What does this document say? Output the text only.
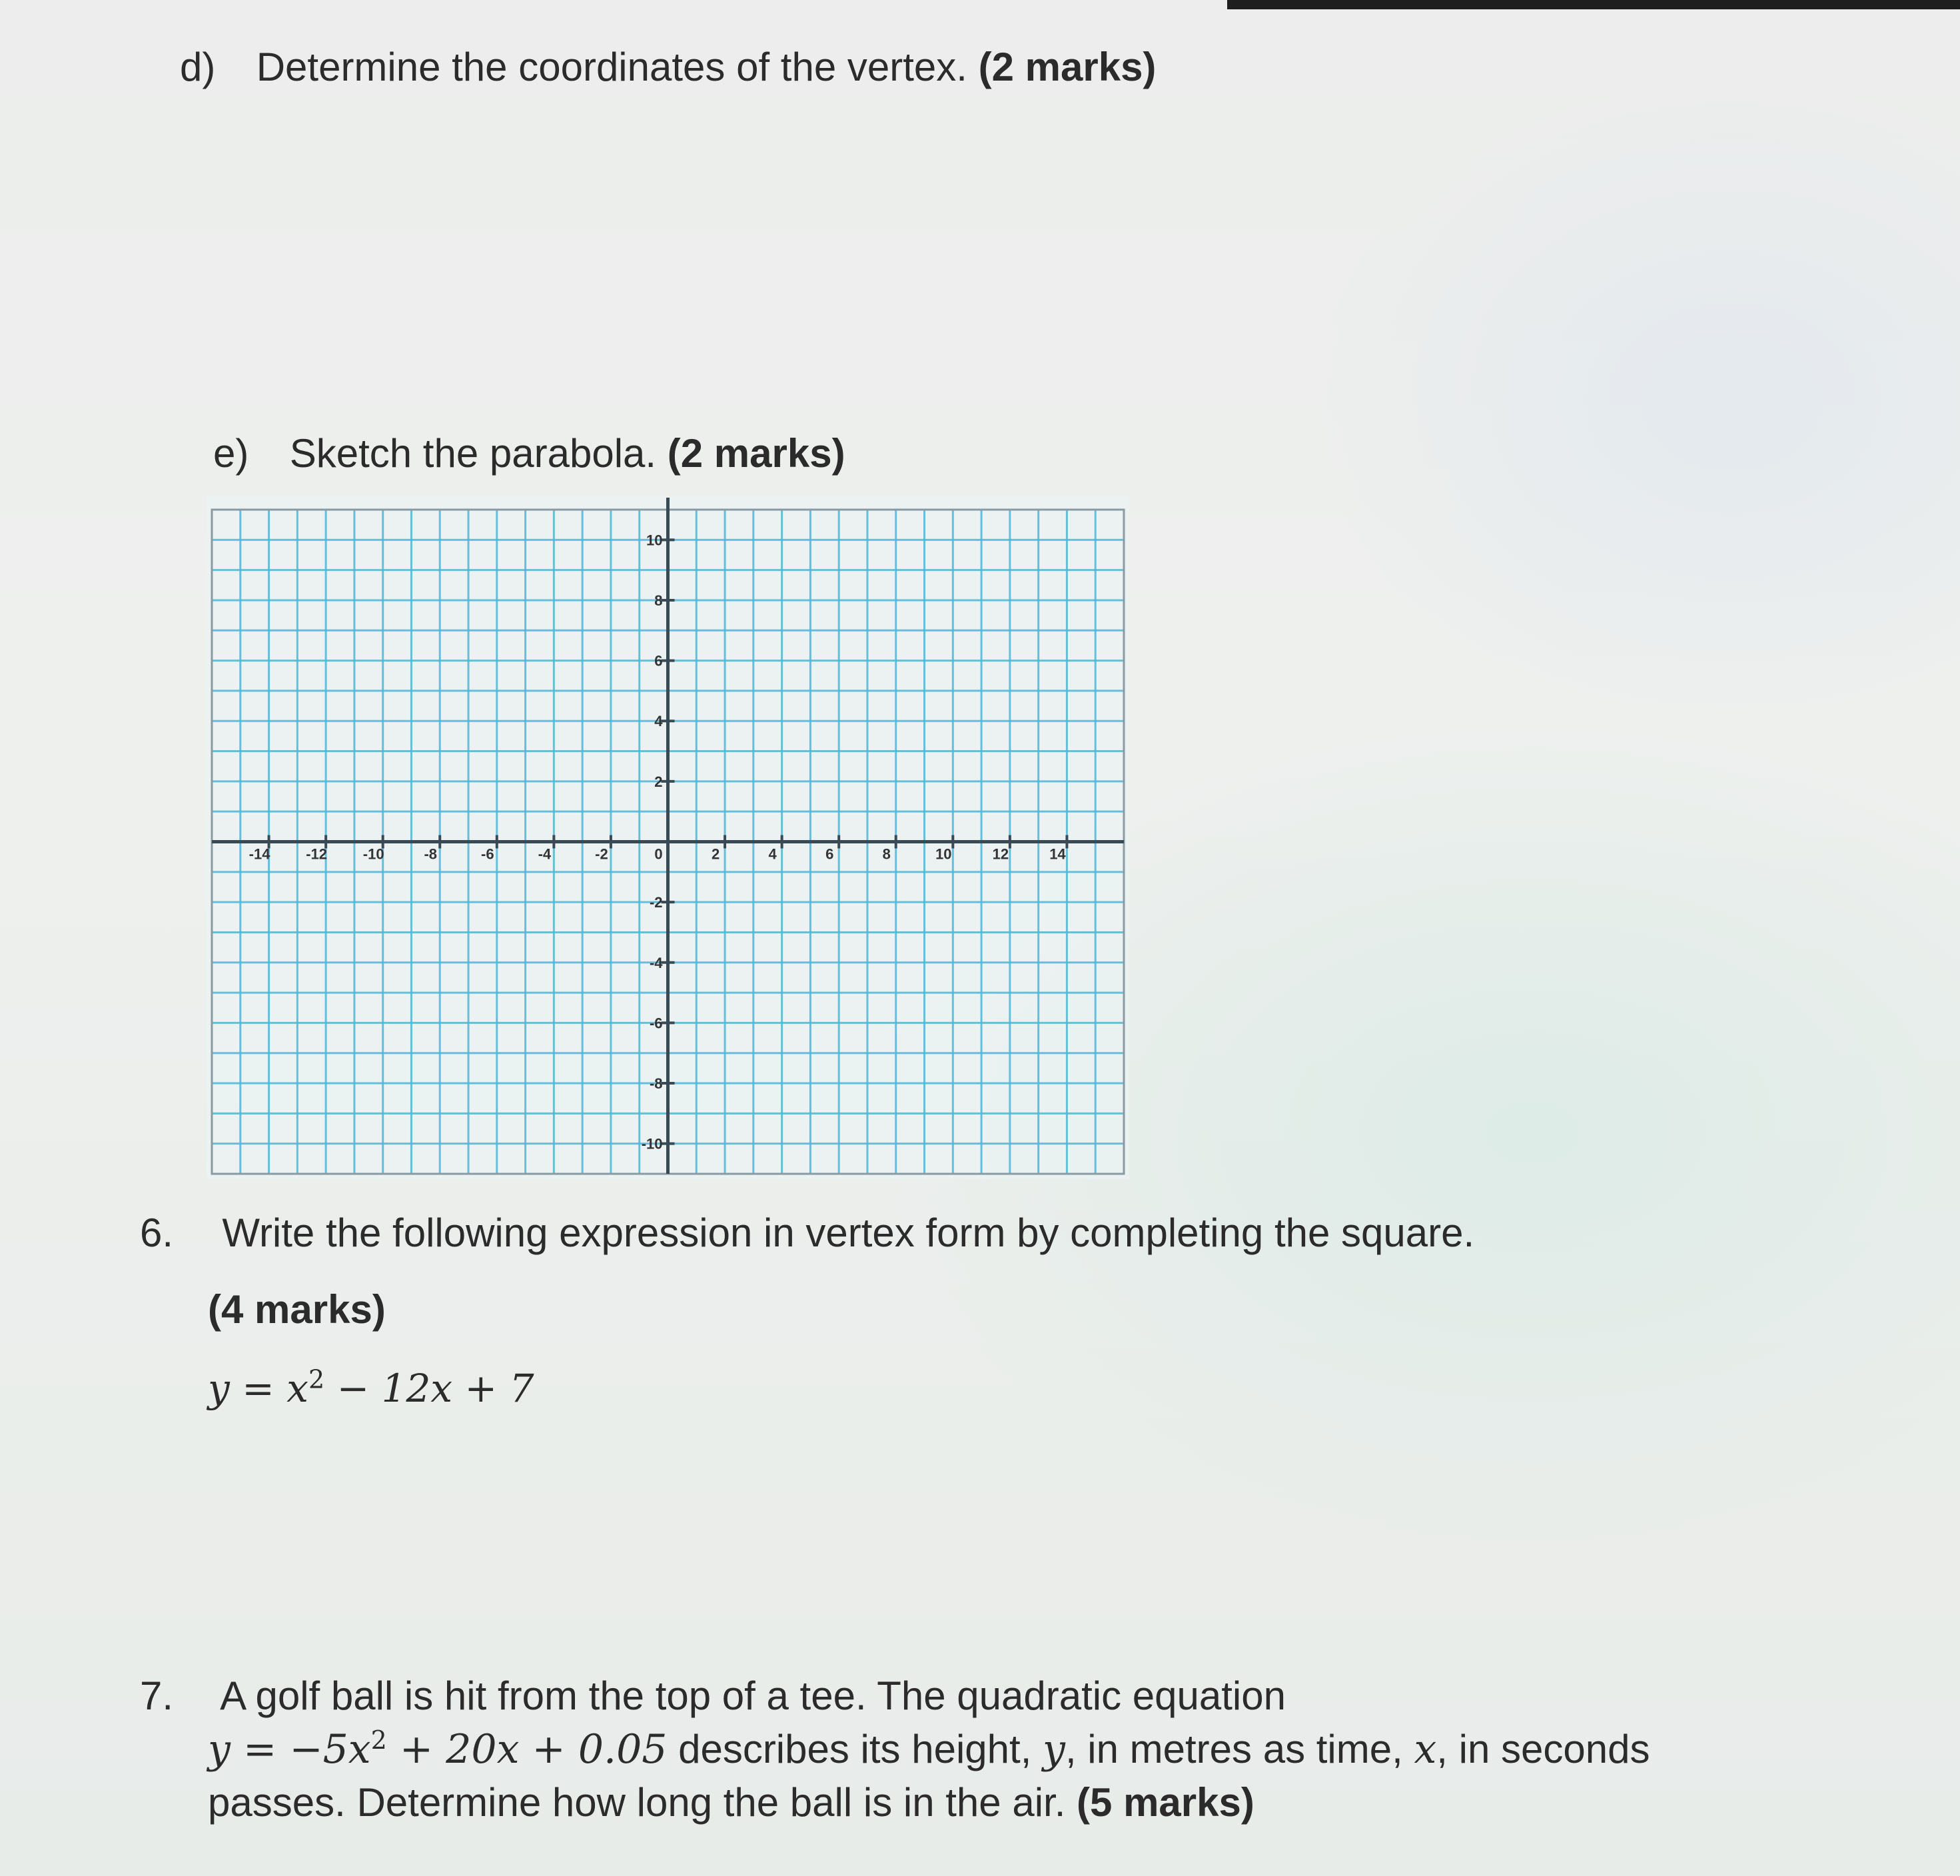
d) Determine the coordinates of the vertex. (2 marks)
e) Sketch the parabola. (2 marks)
-14 -12 -10	-8	-6	-4	-2	0	2	4	6	8	10	12	14
10
8
6
4
2
-2
-4
-6
-8
-10
6. Write the following expression in vertex form by completing the square.
(4 marks)
$y = x^2 - 12x + 7$
7. A golf ball is hit from the top of a tee. The quadratic equation
$y = -5x^2 + 20x + 0.05$ describes its height, y, in metres as time, x, in seconds
passes. Determine how long the ball is in the air. (5 marks)
